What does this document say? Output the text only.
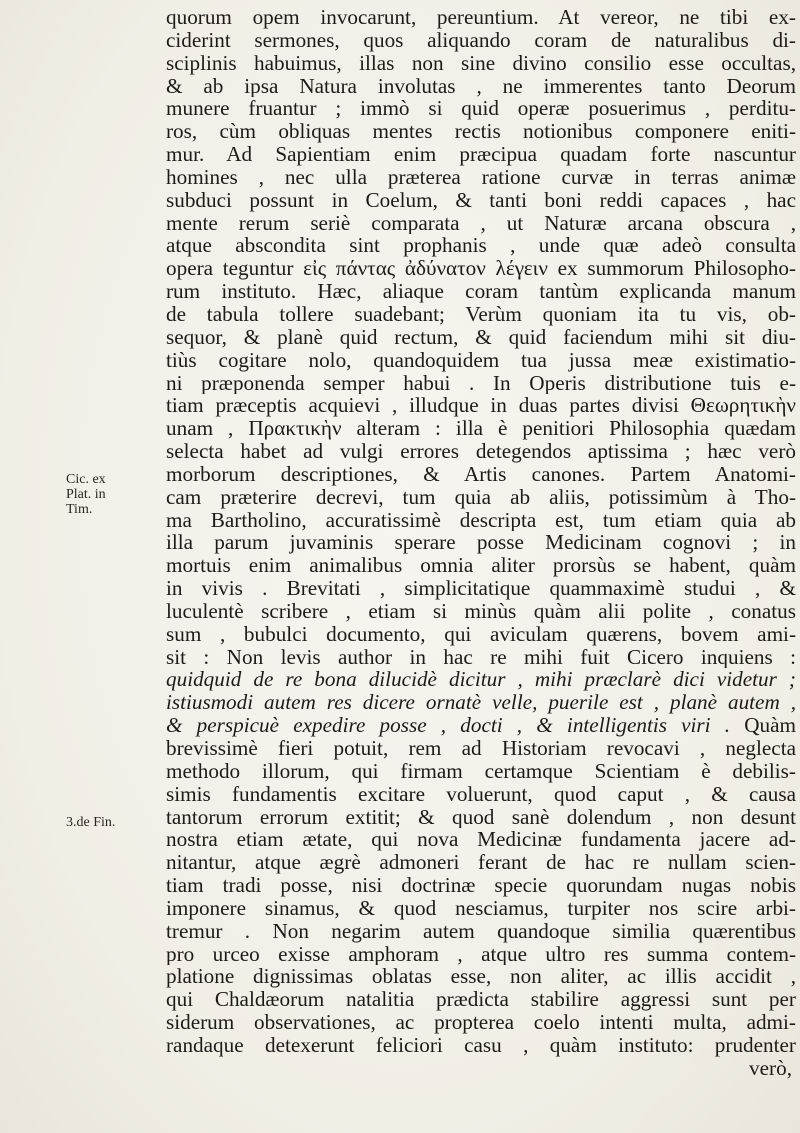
Cic. ex
Plat. in
Tim.
3.de Fin.
quorum opem invocarunt, pereuntium. At vereor, ne tibi ex-
ciderint sermones, quos aliquando coram de naturalibus di-
sciplinis habuimus, illas non sine divino consilio esse occultas,
& ab ipsa Natura involutas , ne immerentes tanto Deorum
munere fruantur ; immò si quid operæ posuerimus , perditu-
ros, cùm obliquas mentes rectis notionibus componere eniti-
mur. Ad Sapientiam enim præcipua quadam forte nascuntur
homines , nec ulla præterea ratione curvæ in terras animæ
subduci possunt in Coelum, & tanti boni reddi capaces , hac
mente rerum seriè comparata , ut Naturæ arcana obscura ,
atque abscondita sint prophanis , unde quæ adeò consulta
opera teguntur εἰς πάντας ἀδύνατον λέγειν ex summorum Philosopho-
rum instituto. Hæc, aliaque coram tantùm explicanda manum
de tabula tollere suadebant; Verùm quoniam ita tu vis, ob-
sequor, & planè quid rectum, & quid faciendum mihi sit diu-
tiùs cogitare nolo, quandoquidem tua jussa meæ existimatio-
ni præponenda semper habui . In Operis distributione tuis e-
tiam præceptis acquievi , illudque in duas partes divisi Θεωρητικὴν
unam , Πρακτικὴν alteram : illa è penitiori Philosophia quædam
selecta habet ad vulgi errores detegendos aptissima ; hæc verò
morborum descriptiones, & Artis canones. Partem Anatomi-
cam præterire decrevi, tum quia ab aliis, potissimùm à Tho-
ma Bartholino, accuratissimè descripta est, tum etiam quia ab
illa parum juvaminis sperare posse Medicinam cognovi ; in
mortuis enim animalibus omnia aliter prorsùs se habent, quàm
in vivis . Brevitati , simplicitatique quammaximè studui , &
luculentè scribere , etiam si minùs quàm alii polite , conatus
sum , bubulci documento, qui aviculam quærens, bovem ami-
sit : Non levis author in hac re mihi fuit Cicero inquiens :
quidquid de re bona dilucidè dicitur , mihi præclarè dici videtur ;
istiusmodi autem res dicere ornatè velle, puerile est , planè autem ,
& perspicuè expedire posse , docti , & intelligentis viri . Quàm
brevissimè fieri potuit, rem ad Historiam revocavi , neglecta
methodo illorum, qui firmam certamque Scientiam è debilis-
simis fundamentis excitare voluerunt, quod caput , & causa
tantorum errorum extitit; & quod sanè dolendum , non desunt
nostra etiam ætate, qui nova Medicinæ fundamenta jacere ad-
nitantur, atque ægrè admoneri ferant de hac re nullam scien-
tiam tradi posse, nisi doctrinæ specie quorundam nugas nobis
imponere sinamus, & quod nesciamus, turpiter nos scire arbi-
tremur . Non negarim autem quandoque similia quærentibus
pro urceo exisse amphoram , atque ultro res summa contem-
platione dignissimas oblatas esse, non aliter, ac illis accidit ,
qui Chaldæorum natalitia prædicta stabilire aggressi sunt per
siderum observationes, ac propterea coelo intenti multa, admi-
randaque detexerunt feliciori casu , quàm instituto: prudenter
verò,
